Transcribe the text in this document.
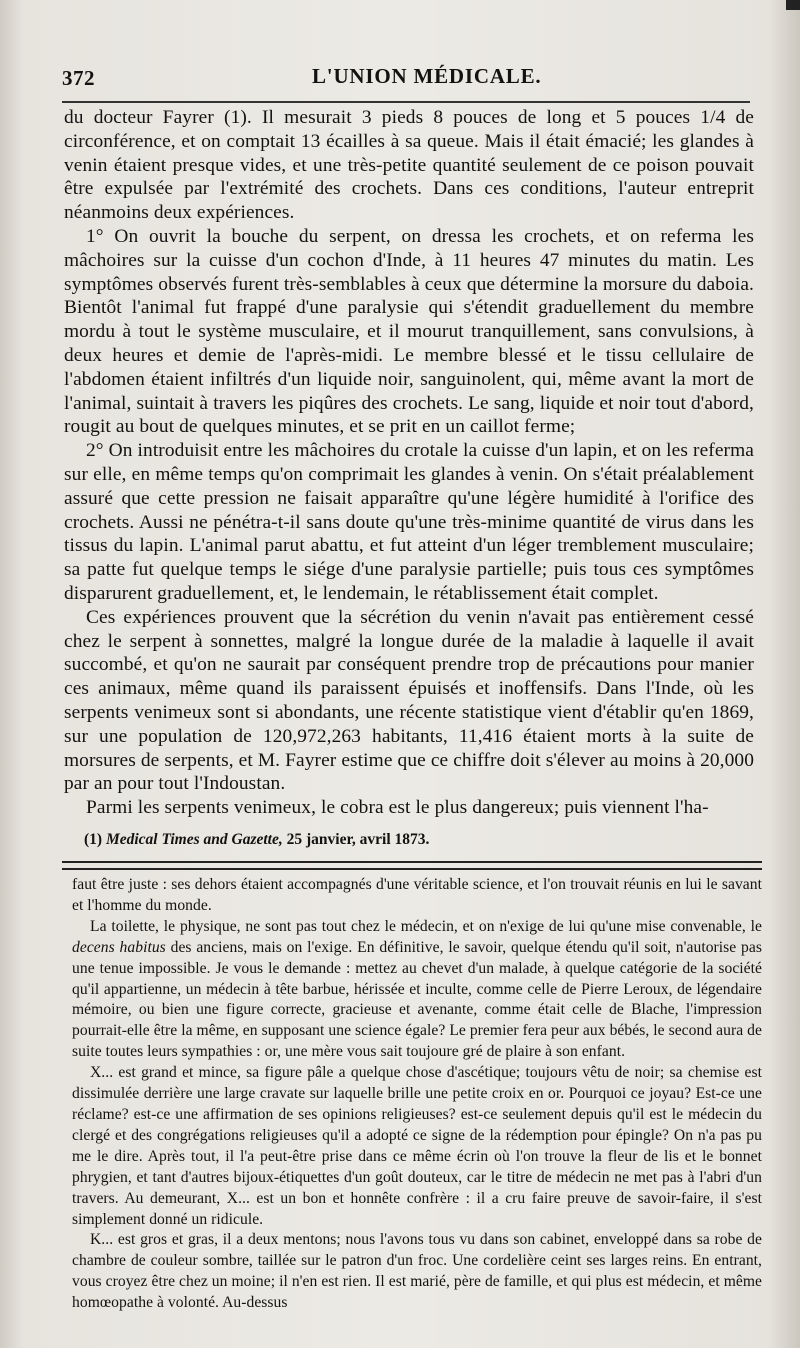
372	L'UNION MÉDICALE.

du docteur Fayrer (1). Il mesurait 3 pieds 8 pouces de long et 5 pouces 1/4 de circonférence, et on comptait 13 écailles à sa queue. Mais il était émacié; les glandes à venin étaient presque vides, et une très-petite quantité seulement de ce poison pouvait être expulsée par l'extrémité des crochets. Dans ces conditions, l'auteur entreprit néanmoins deux expériences.

1° On ouvrit la bouche du serpent, on dressa les crochets, et on referma les mâchoires sur la cuisse d'un cochon d'Inde, à 11 heures 47 minutes du matin. Les symptômes observés furent très-semblables à ceux que détermine la morsure du daboia. Bientôt l'animal fut frappé d'une paralysie qui s'étendit graduellement du membre mordu à tout le système musculaire, et il mourut tranquillement, sans convulsions, à deux heures et demie de l'après-midi. Le membre blessé et le tissu cellulaire de l'abdomen étaient infiltrés d'un liquide noir, sanguinolent, qui, même avant la mort de l'animal, suintait à travers les piqûres des crochets. Le sang, liquide et noir tout d'abord, rougit au bout de quelques minutes, et se prit en un caillot ferme;

2° On introduisit entre les mâchoires du crotale la cuisse d'un lapin, et on les referma sur elle, en même temps qu'on comprimait les glandes à venin. On s'était préalablement assuré que cette pression ne faisait apparaître qu'une légère humidité à l'orifice des crochets. Aussi ne pénétra-t-il sans doute qu'une très-minime quantité de virus dans les tissus du lapin. L'animal parut abattu, et fut atteint d'un léger tremblement musculaire; sa patte fut quelque temps le siége d'une paralysie partielle; puis tous ces symptômes disparurent graduellement, et, le lendemain, le rétablissement était complet.

Ces expériences prouvent que la sécrétion du venin n'avait pas entièrement cessé chez le serpent à sonnettes, malgré la longue durée de la maladie à laquelle il avait succombé, et qu'on ne saurait par conséquent prendre trop de précautions pour manier ces animaux, même quand ils paraissent épuisés et inoffensifs. Dans l'Inde, où les serpents venimeux sont si abondants, une récente statistique vient d'établir qu'en 1869, sur une population de 120,972,263 habitants, 11,416 étaient morts à la suite de morsures de serpents, et M. Fayrer estime que ce chiffre doit s'élever au moins à 20,000 par an pour tout l'Indoustan.

Parmi les serpents venimeux, le cobra est le plus dangereux; puis viennent l'ha-

(1) Medical Times and Gazette, 25 janvier, avril 1873.

faut être juste : ses dehors étaient accompagnés d'une véritable science, et l'on trouvait réunis en lui le savant et l'homme du monde.

La toilette, le physique, ne sont pas tout chez le médecin, et on n'exige de lui qu'une mise convenable, le decens habitus des anciens, mais on l'exige. En définitive, le savoir, quelque étendu qu'il soit, n'autorise pas une tenue impossible. Je vous le demande : mettez au chevet d'un malade, à quelque catégorie de la société qu'il appartienne, un médecin à tête barbue, hérissée et inculte, comme celle de Pierre Leroux, de légendaire mémoire, ou bien une figure correcte, gracieuse et avenante, comme était celle de Blache, l'impression pourrait-elle être la même, en supposant une science égale? Le premier fera peur aux bébés, le second aura de suite toutes leurs sympathies : or, une mère vous sait toujoure gré de plaire à son enfant.

X... est grand et mince, sa figure pâle a quelque chose d'ascétique; toujours vêtu de noir; sa chemise est dissimulée derrière une large cravate sur laquelle brille une petite croix en or. Pourquoi ce joyau? Est-ce une réclame? est-ce une affirmation de ses opinions religieuses? est-ce seulement depuis qu'il est le médecin du clergé et des congrégations religieuses qu'il a adopté ce signe de la rédemption pour épingle? On n'a pas pu me le dire. Après tout, il l'a peut-être prise dans ce même écrin où l'on trouve la fleur de lis et le bonnet phrygien, et tant d'autres bijoux-étiquettes d'un goût douteux, car le titre de médecin ne met pas à l'abri d'un travers. Au demeurant, X... est un bon et honnête confrère : il a cru faire preuve de savoir-faire, il s'est simplement donné un ridicule.

K... est gros et gras, il a deux mentons; nous l'avons tous vu dans son cabinet, enveloppé dans sa robe de chambre de couleur sombre, taillée sur le patron d'un froc. Une cordelière ceint ses larges reins. En entrant, vous croyez être chez un moine; il n'en est rien. Il est marié, père de famille, et qui plus est médecin, et même homœopathe à volonté. Au-dessus
